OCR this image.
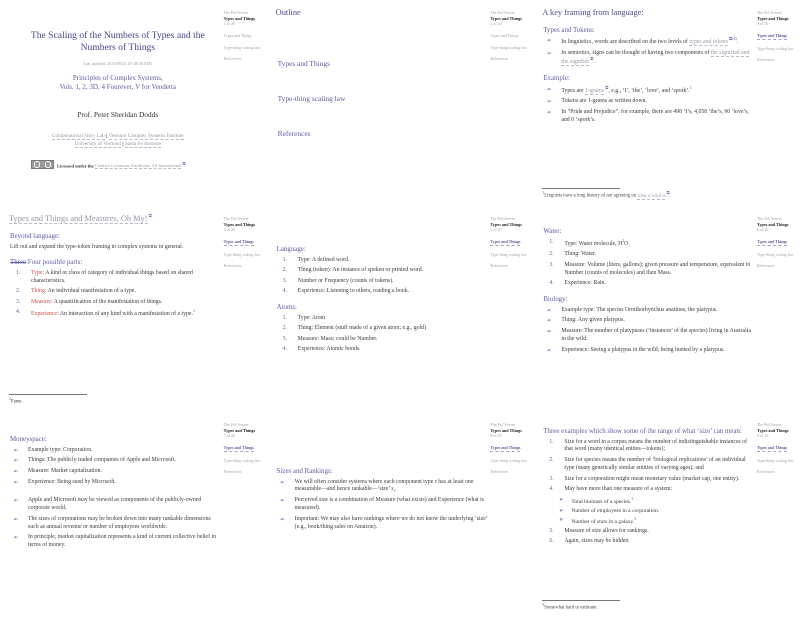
The Scaling of the Numbers of Types and the Numbers of Things
Last updated: 2025/09/23, 07:48:58 EDT
Principles of Complex Systems,
Vols. 1, 2, 3D, 4 Fourever, V for Vendetta
Prof. Peter Sheridan Dodds
Computational Story Lab | Vermont Complex Systems Institute
University of Vermont | Santa Fe Institute
Licensed under the Creative Commons Attribution 4.0 International⧉
The PoCSverse
Types and Things
1 of 20
Types and Things
Type-thing scaling law
References
Outline
Types and Things
Type-thing scaling law
References
The PoCSverse
Types and Things
2 of 20
Types and Things
Type-thing scaling law
References
$^1$Linguists have a long history of not agreeing on what a word is⧉.
A key framing from language:
Types and Tokens:
☙	In linguistics, words are described on the two levels of types and tokens$^{⧉[4]}$.
☙	In semiotics, signs can be thought of having two components of the signified and the signifier⧉.
Example:
☙	Types are 1-grams⧉, e.g., ‘I’, ‘the’, ‘love’, and ‘spork’.$^1$
☙	Tokens are 1-grams as written down.
☙	In “Pride and Prejudice”, for example, there are 498 ‘I’s, 4,058 ‘the’s, 90 ‘love’s, and 0 ‘spork’s.
The PoCSverse
Types and Things
3 of 20
Types and Things
Type-thing scaling law
References
$^2$Fame.
Types and Things and Measures, Oh My!⧉
Beyond language:
Lift out and expand the type-token framing to complex systems in general.
Three Four possible parts:
1.	Type: A kind or class of category of individual things based on shared characteristics.
2.	Thing: An individual manifestation of a type.
3.	Measure: A quantification of the manifestation of things.
4.	Experience: An interaction of any kind with a manifestation of a type.$^2$
The PoCSverse
Types and Things
4 of 20
Types and Things
Type-thing scaling law
References
Language:
1.	Type: A defined word.
2.	Thing (token): An instance of spoken or printed word.
3.	Number or Frequency (counts of tokens).
4.	Experience: Listening to others, reading a book.
Atoms:
1.	Type: Atom
2.	Thing: Element (stuff made of a given atom; e.g., gold)
3.	Measure: Mass; could be Number.
4.	Experience: Atomic bonds.
The PoCSverse
Types and Things
5 of 20
Types and Things
Type-thing scaling law
References
Water:
1.	Type: Water molecule, $H^2O$.
2.	Thing: Water.
3.	Measure: Volume (liters, gallons); given pressure and temperature, equivalent to Number (counts of molecules) and then Mass.
4.	Experience: Rain.
Biology:
☙	Example type: The species Ornithorhynchus anatinus, the platypus.
☙	Thing: Any given platypus.
☙	Measure: The number of platypuses (‘instances’ of the species) living in Australia in the wild.
☙	Experience: Seeing a platypus in the wild; being hunted by a platypus.
The PoCSverse
Types and Things
6 of 20
Types and Things
Type-thing scaling law
References
Moneyspace:
☙	Example type: Corporation.
☙	Things: The publicly traded companies of Apple and Microsoft.
☙	Measure: Market capitalization.
☙	Experience: Being sued by Microsoft.
☙	Apple and Microsoft may be viewed as components of the publicly-owned corporate world.
☙	The sizes of corporations may be broken down into many rankable dimensions such as annual revenue or number of employees worldwide.
☙	In principle, market capitalization represents a kind of current collective belief in terms of money.
The PoCSverse
Types and Things
7 of 20
Types and Things
Type-thing scaling law
References	Sizes and Rankings:
☙	We will often consider systems where each component type τ has at least one measurable—and hence rankable—‘size’ $s_\tau$.
☙	Perceived size is a combination of Measure (what exists) and Experience (what is measured).
☙	Important: We may also have rankings where we do not know the underlying ‘size’ (e.g., book/thing sales on Amazon).
The PoCSverse
Types and Things
8 of 20
Types and Things
Type-thing scaling law
References
$^3$Somewhat hard to estimate.
Three examples which show some of the range of what ‘size’ can mean:
1.	Size for a word in a corpus means the number of indistinguishable instances of that word (many identical entites—tokens);
2.	Size for species means the number of ‘biological replications’ of an individual type (many genetically similar entities of varying ages); and
3.	Size for a corporation might mean monetary value (market cap, one entity).
4.	May have more than one measure of a system:
☛	Total biomass of a species.$^3$
☛	Number of employees in a corporation.
☛	Number of stars in a galaxy.$^3$
5.	Measure of size allows for rankings.
6.	Again, sizes may be hidden.
The PoCSverse
Types and Things
9 of 20
Types and Things
Type-thing scaling law
References
